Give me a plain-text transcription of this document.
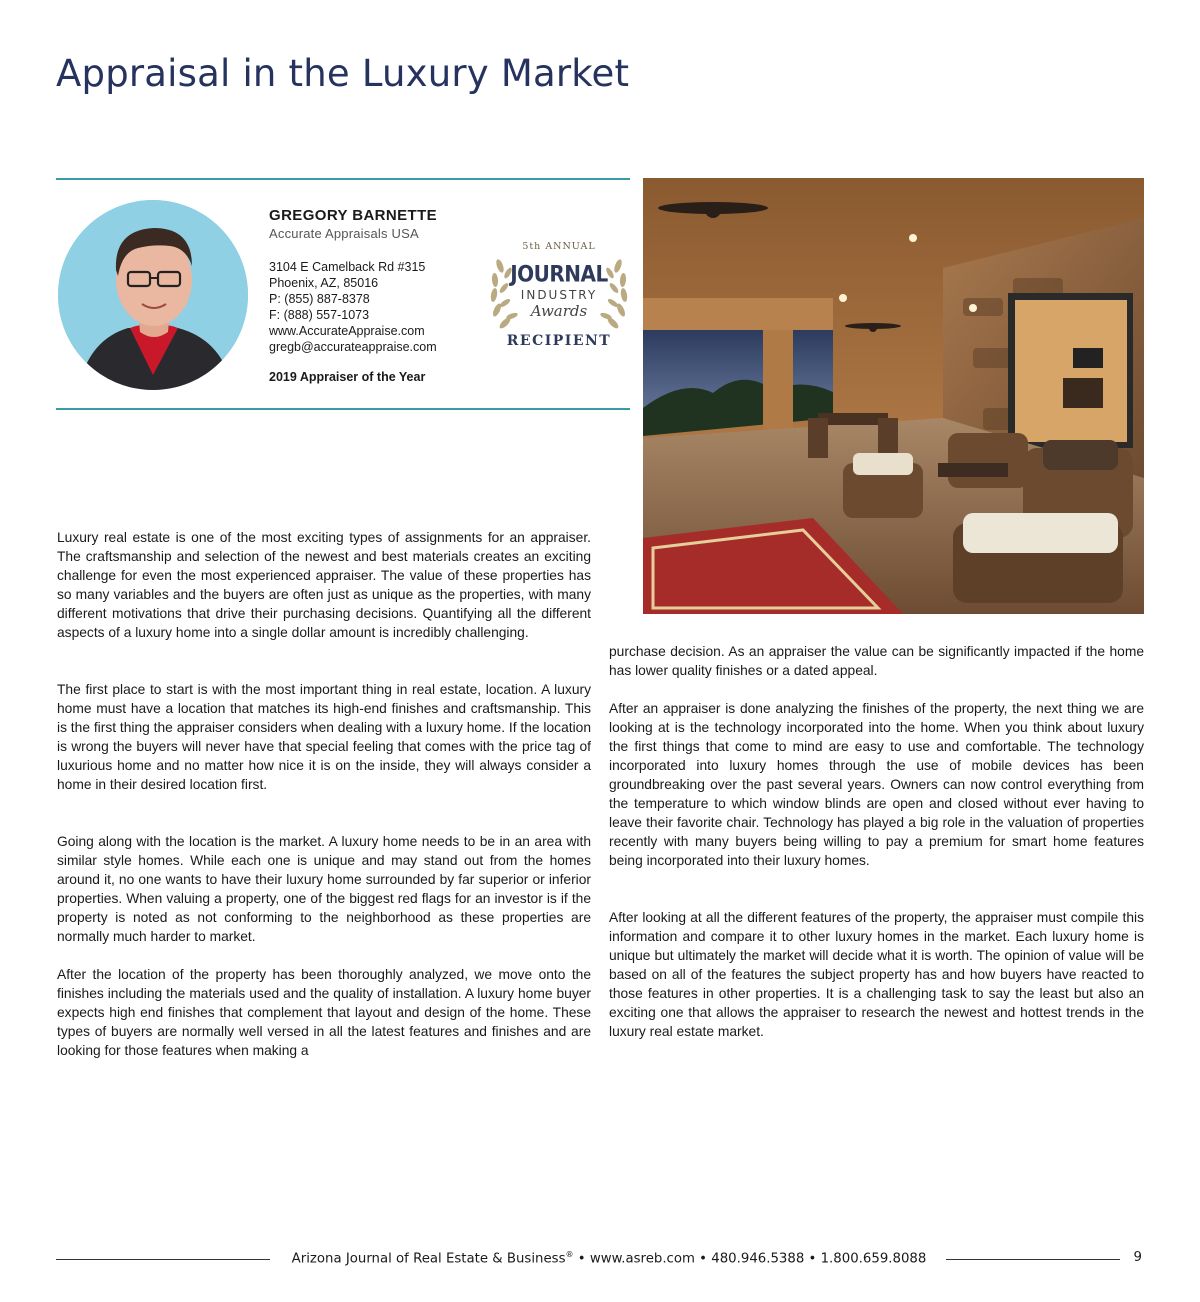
Appraisal in the Luxury Market

GREGORY BARNETTE

Accurate Appraisals USA

3104 E Camelback Rd #315
Phoenix, AZ, 85016
P: (855) 887-8378
F: (888) 557-1073
www.AccurateAppraise.com
gregb@accurateappraise.com
2019 Appraiser of the Year
5th ANNUAL
JOURNAL
INDUSTRY
Awards
RECIPIENT

Luxury real estate is one of the most exciting types of assignments for an appraiser. The craftsmanship and selection of the newest and best materials creates an exciting challenge for even the most experienced appraiser. The value of these properties has so many variables and the buyers are often just as unique as the properties, with many different motivations that drive their purchasing decisions. Quantifying all the different aspects of a luxury home into a single dollar amount is incredibly challenging.

The first place to start is with the most important thing in real estate, location. A luxury home must have a location that matches its high-end finishes and craftsmanship. This is the first thing the appraiser considers when dealing with a luxury home. If the location is wrong the buyers will never have that special feeling that comes with the price tag of luxurious home and no matter how nice it is on the inside, they will always consider a home in their desired location first.

Going along with the location is the market. A luxury home needs to be in an area with similar style homes. While each one is unique and may stand out from the homes around it, no one wants to have their luxury home surrounded by far superior or inferior properties. When valuing a property, one of the biggest red flags for an investor is if the property is noted as not conforming to the neighborhood as these properties are normally much harder to market.

After the location of the property has been thoroughly analyzed, we move onto the finishes including the materials used and the quality of installation. A luxury home buyer expects high end finishes that complement that layout and design of the home. These types of buyers are normally well versed in all the latest features and finishes and are looking for those features when making a

purchase decision. As an appraiser the value can be significantly impacted if the home has lower quality finishes or a dated appeal.

After an appraiser is done analyzing the finishes of the property, the next thing we are looking at is the technology incorporated into the home. When you think about luxury the first things that come to mind are easy to use and comfortable. The technology incorporated into luxury homes through the use of mobile devices has been groundbreaking over the past several years. Owners can now control everything from the temperature to which window blinds are open and closed without ever having to leave their favorite chair. Technology has played a big role in the valuation of properties recently with many buyers being willing to pay a premium for smart home features being incorporated into their luxury homes.

After looking at all the different features of the property, the appraiser must compile this information and compare it to other luxury homes in the market. Each luxury home is unique but ultimately the market will decide what it is worth. The opinion of value will be based on all of the features the subject property has and how buyers have reacted to those features in other properties. It is a challenging task to say the least but also an exciting one that allows the appraiser to research the newest and hottest trends in the luxury real estate market.

Arizona Journal of Real Estate & Business® • www.asreb.com • 480.946.5388 • 1.800.659.8088	9
